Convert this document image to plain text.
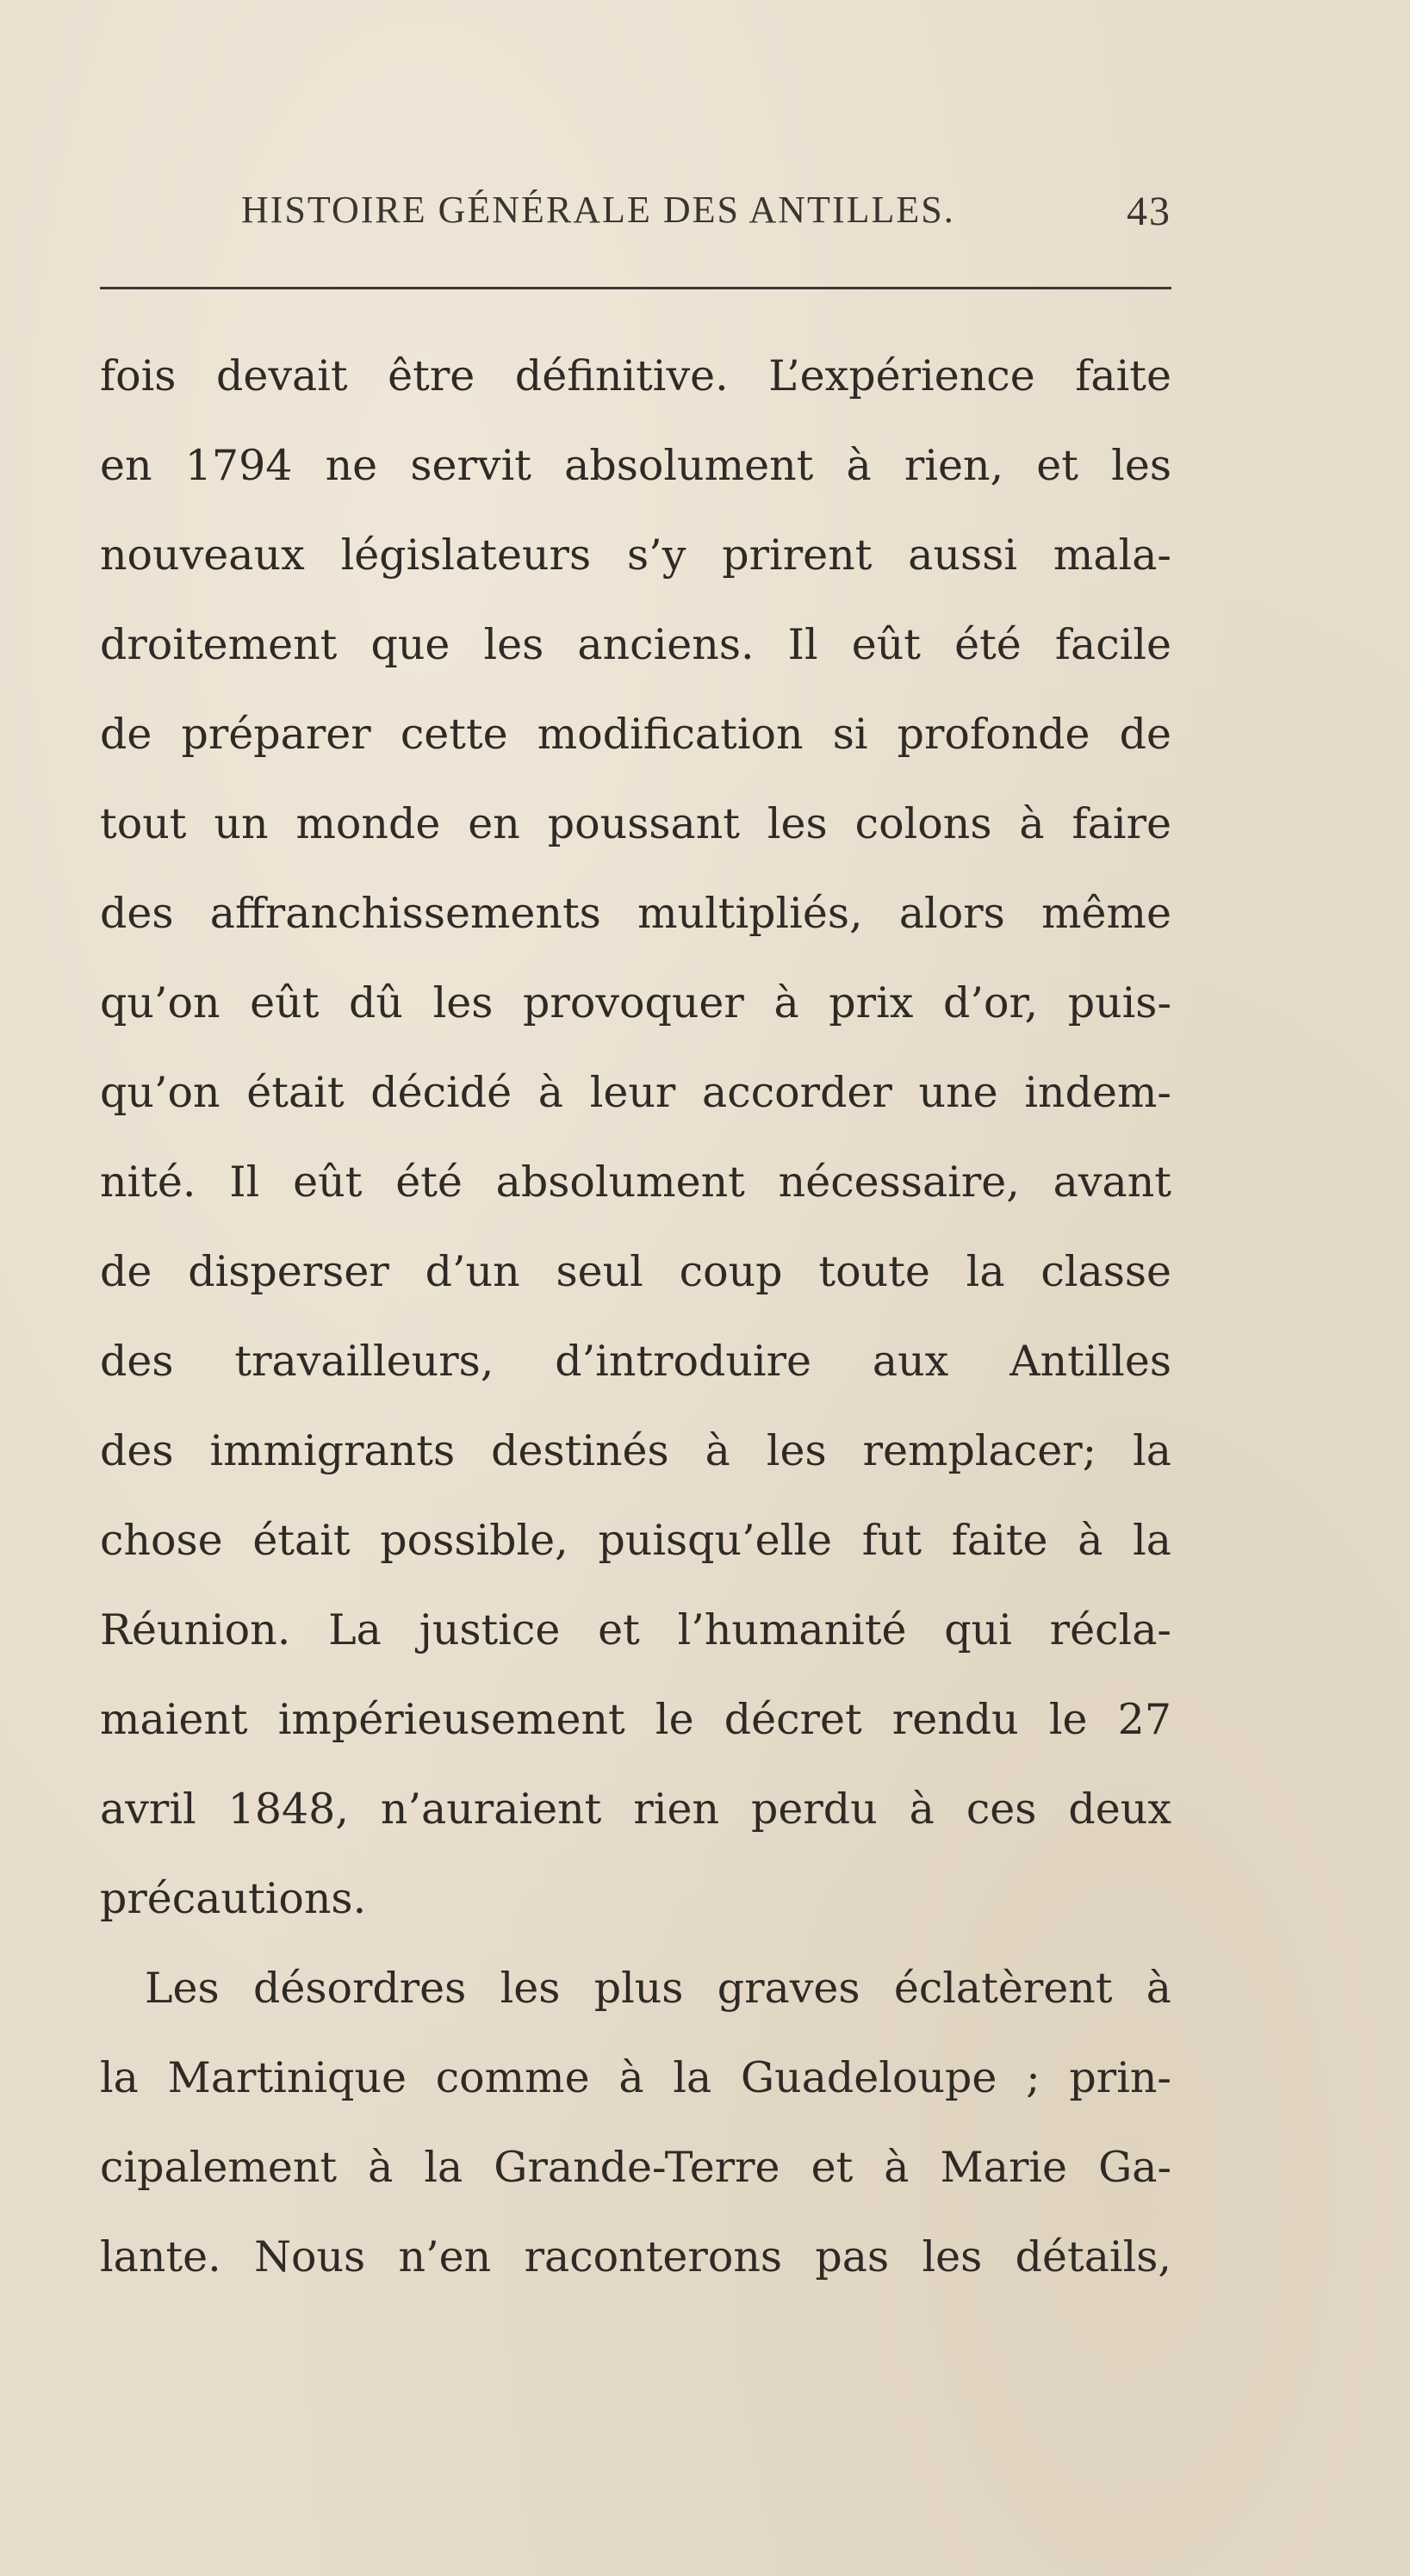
HISTOIRE GÉNÉRALE DES ANTILLES.	43
fois devait être définitive. L’expérience faite
en 1794 ne servit absolument à rien, et les
nouveaux législateurs s’y prirent aussi mala-
droitement que les anciens. Il eût été facile
de préparer cette modification si profonde de
tout un monde en poussant les colons à faire
des affranchissements multipliés, alors même
qu’on eût dû les provoquer à prix d’or, puis-
qu’on était décidé à leur accorder une indem-
nité. Il eût été absolument nécessaire, avant
de disperser d’un seul coup toute la classe
des travailleurs, d’introduire aux Antilles
des immigrants destinés à les remplacer; la
chose était possible, puisqu’elle fut faite à la
Réunion. La justice et l’humanité qui récla-
maient impérieusement le décret rendu le 27
avril 1848, n’auraient rien perdu à ces deux
précautions.
Les désordres les plus graves éclatèrent à
la Martinique comme à la Guadeloupe ; prin-
cipalement à la Grande-Terre et à Marie Ga-
lante. Nous n’en raconterons pas les détails,
